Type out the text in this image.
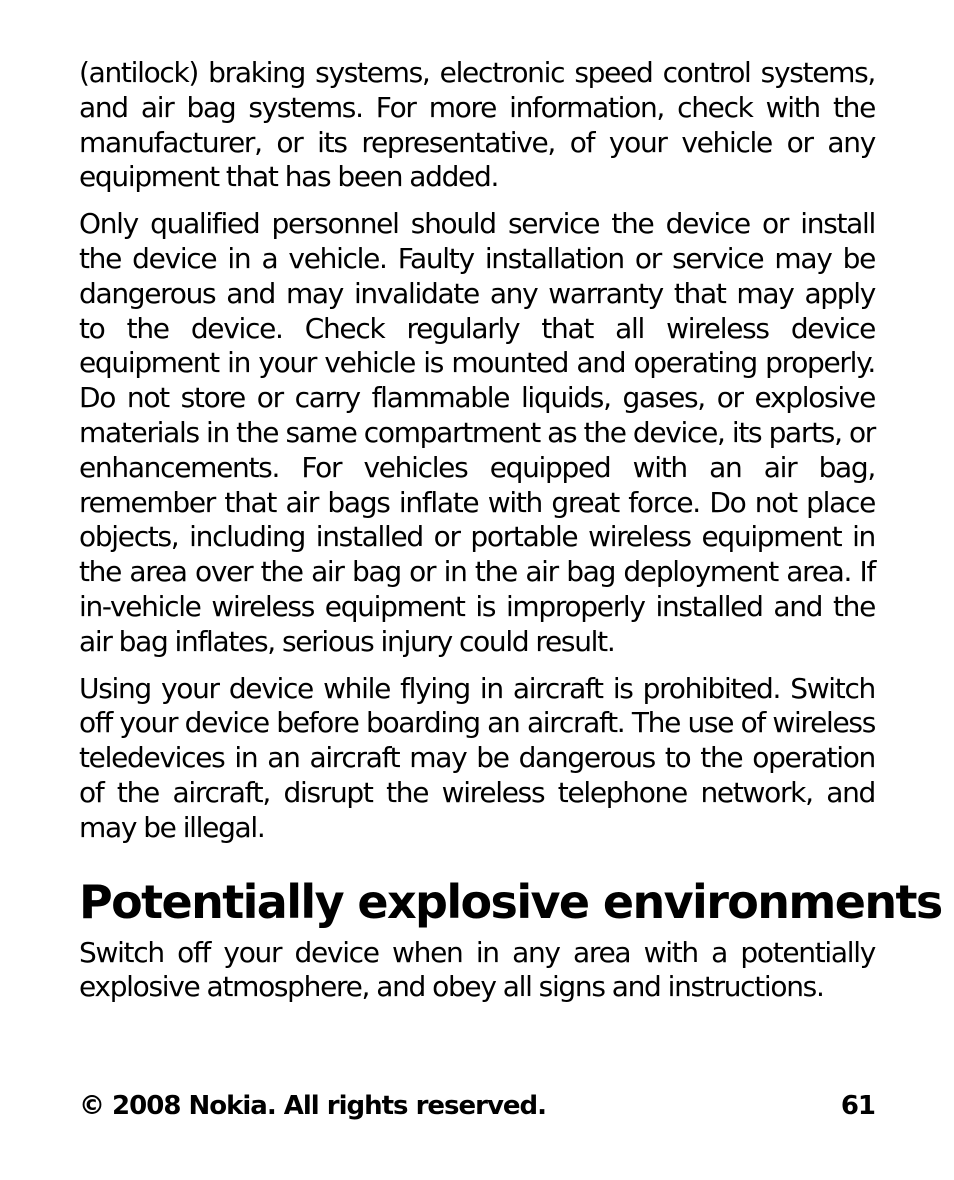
(antilock) braking systems, electronic speed control systems, and air bag systems. For more information, check with the manufacturer, or its representative, of your vehicle or any equipment that has been added.

Only qualified personnel should service the device or install the device in a vehicle. Faulty installation or service may be dangerous and may invalidate any warranty that may apply to the device. Check regularly that all wireless device equipment in your vehicle is mounted and operating properly. Do not store or carry flammable liquids, gases, or explosive materials in the same compartment as the device, its parts, or enhancements. For vehicles equipped with an air bag, remember that air bags inflate with great force. Do not place objects, including installed or portable wireless equipment in the area over the air bag or in the air bag deployment area. If in-vehicle wireless equipment is improperly installed and the air bag inflates, serious injury could result.

Using your device while flying in aircraft is prohibited. Switch off your device before boarding an aircraft. The use of wireless teledevices in an aircraft may be dangerous to the operation of the aircraft, disrupt the wireless telephone network, and may be illegal.

Potentially explosive environments

Switch off your device when in any area with a potentially explosive atmosphere, and obey all signs and instructions.

© 2008 Nokia. All rights reserved.	61
